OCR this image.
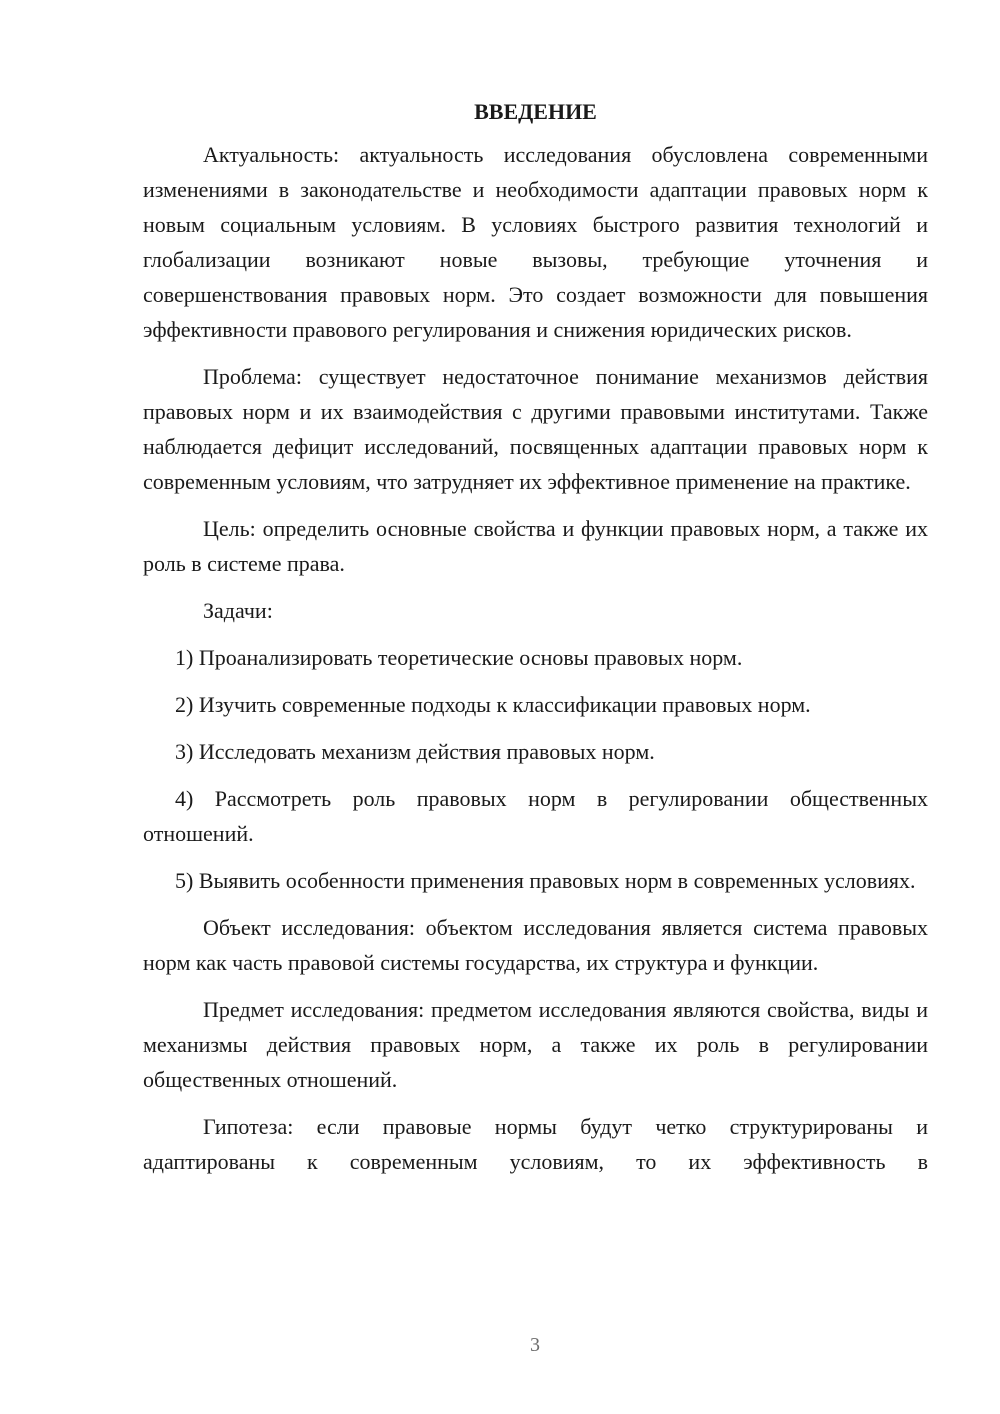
ВВЕДЕНИЕ

Актуальность: актуальность исследования обусловлена современными изменениями в законодательстве и необходимости адаптации правовых норм к новым социальным условиям. В условиях быстрого развития технологий и глобализации возникают новые вызовы, требующие уточнения и совершенствования правовых норм. Это создает возможности для повышения эффективности правового регулирования и снижения юридических рисков.

Проблема: существует недостаточное понимание механизмов действия правовых норм и их взаимодействия с другими правовыми институтами. Также наблюдается дефицит исследований, посвященных адаптации правовых норм к современным условиям, что затрудняет их эффективное применение на практике.

Цель: определить основные свойства и функции правовых норм, а также их роль в системе права.

Задачи:

1) Проанализировать теоретические основы правовых норм.

2) Изучить современные подходы к классификации правовых норм.

3) Исследовать механизм действия правовых норм.

4) Рассмотреть роль правовых норм в регулировании общественных отношений.

5) Выявить особенности применения правовых норм в современных условиях.

Объект исследования: объектом исследования является система правовых норм как часть правовой системы государства, их структура и функции.

Предмет исследования: предметом исследования являются свойства, виды и механизмы действия правовых норм, а также их роль в регулировании общественных отношений.

Гипотеза: если правовые нормы будут четко структурированы и адаптированы к современным условиям, то их эффективность в

3
